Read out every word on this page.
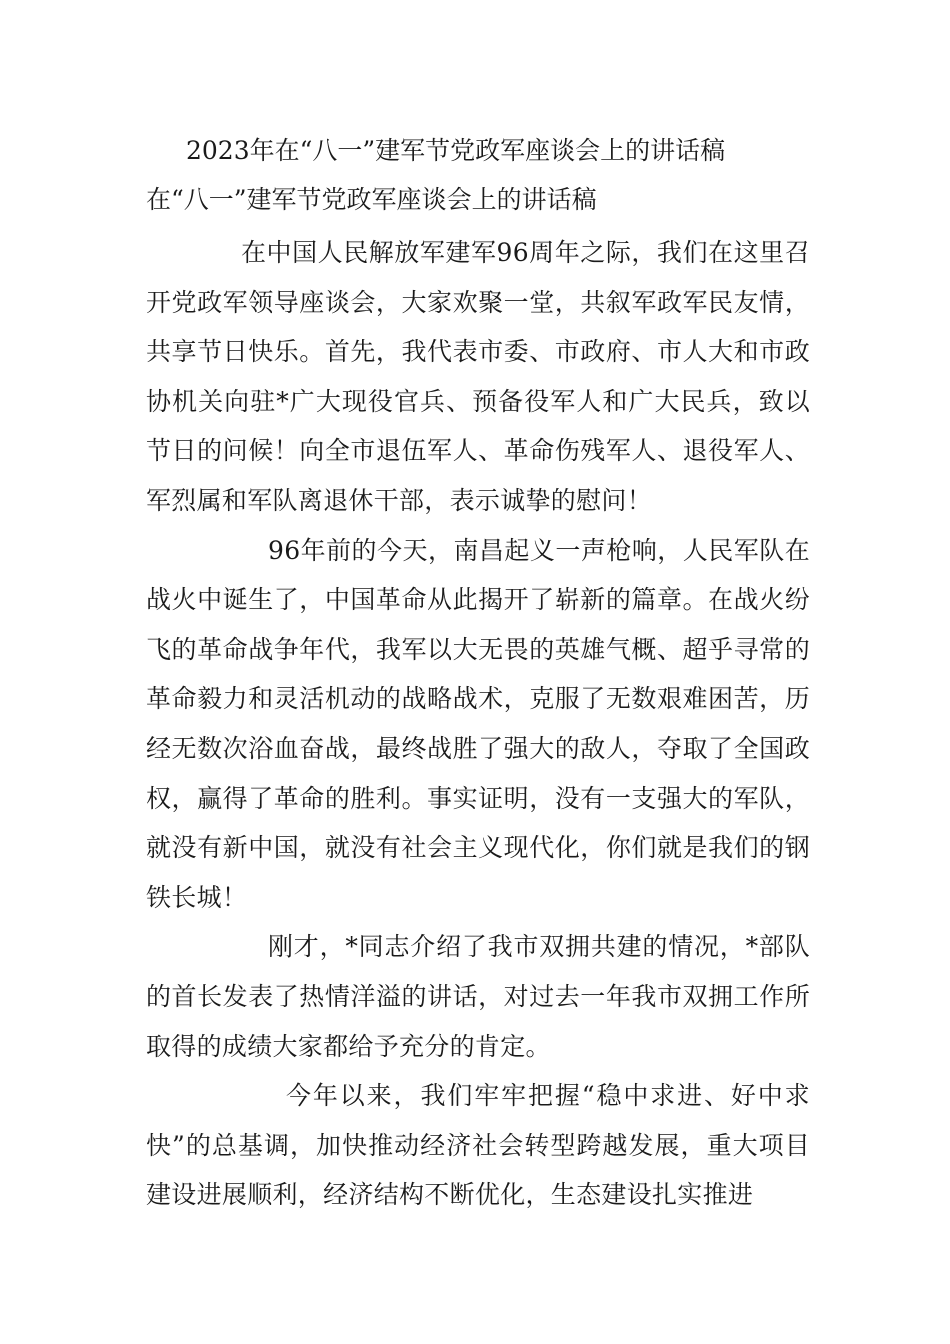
2023年在“八一”建军节党政军座谈会上的讲话稿
在“八一”建军节党政军座谈会上的讲话稿

在中国人民解放军建军96周年之际，我们在这里召开党政军领导座谈会，大家欢聚一堂，共叙军政军民友情，共享节日快乐。首先，我代表市委、市政府、市人大和市政协机关向驻*广大现役官兵、预备役军人和广大民兵，致以节日的问候！向全市退伍军人、革命伤残军人、退役军人、军烈属和军队离退休干部，表示诚挚的慰问！

96年前的今天，南昌起义一声枪响，人民军队在战火中诞生了，中国革命从此揭开了崭新的篇章。在战火纷飞的革命战争年代，我军以大无畏的英雄气概、超乎寻常的革命毅力和灵活机动的战略战术，克服了无数艰难困苦，历经无数次浴血奋战，最终战胜了强大的敌人，夺取了全国政权，赢得了革命的胜利。事实证明，没有一支强大的军队，就没有新中国，就没有社会主义现代化，你们就是我们的钢铁长城！

刚才，*同志介绍了我市双拥共建的情况，*部队的首长发表了热情洋溢的讲话，对过去一年我市双拥工作所取得的成绩大家都给予充分的肯定。

今年以来，我们牢牢把握“稳中求进、好中求快”的总基调，加快推动经济社会转型跨越发展，重大项目建设进展顺利，经济结构不断优化，生态建设扎实推进
